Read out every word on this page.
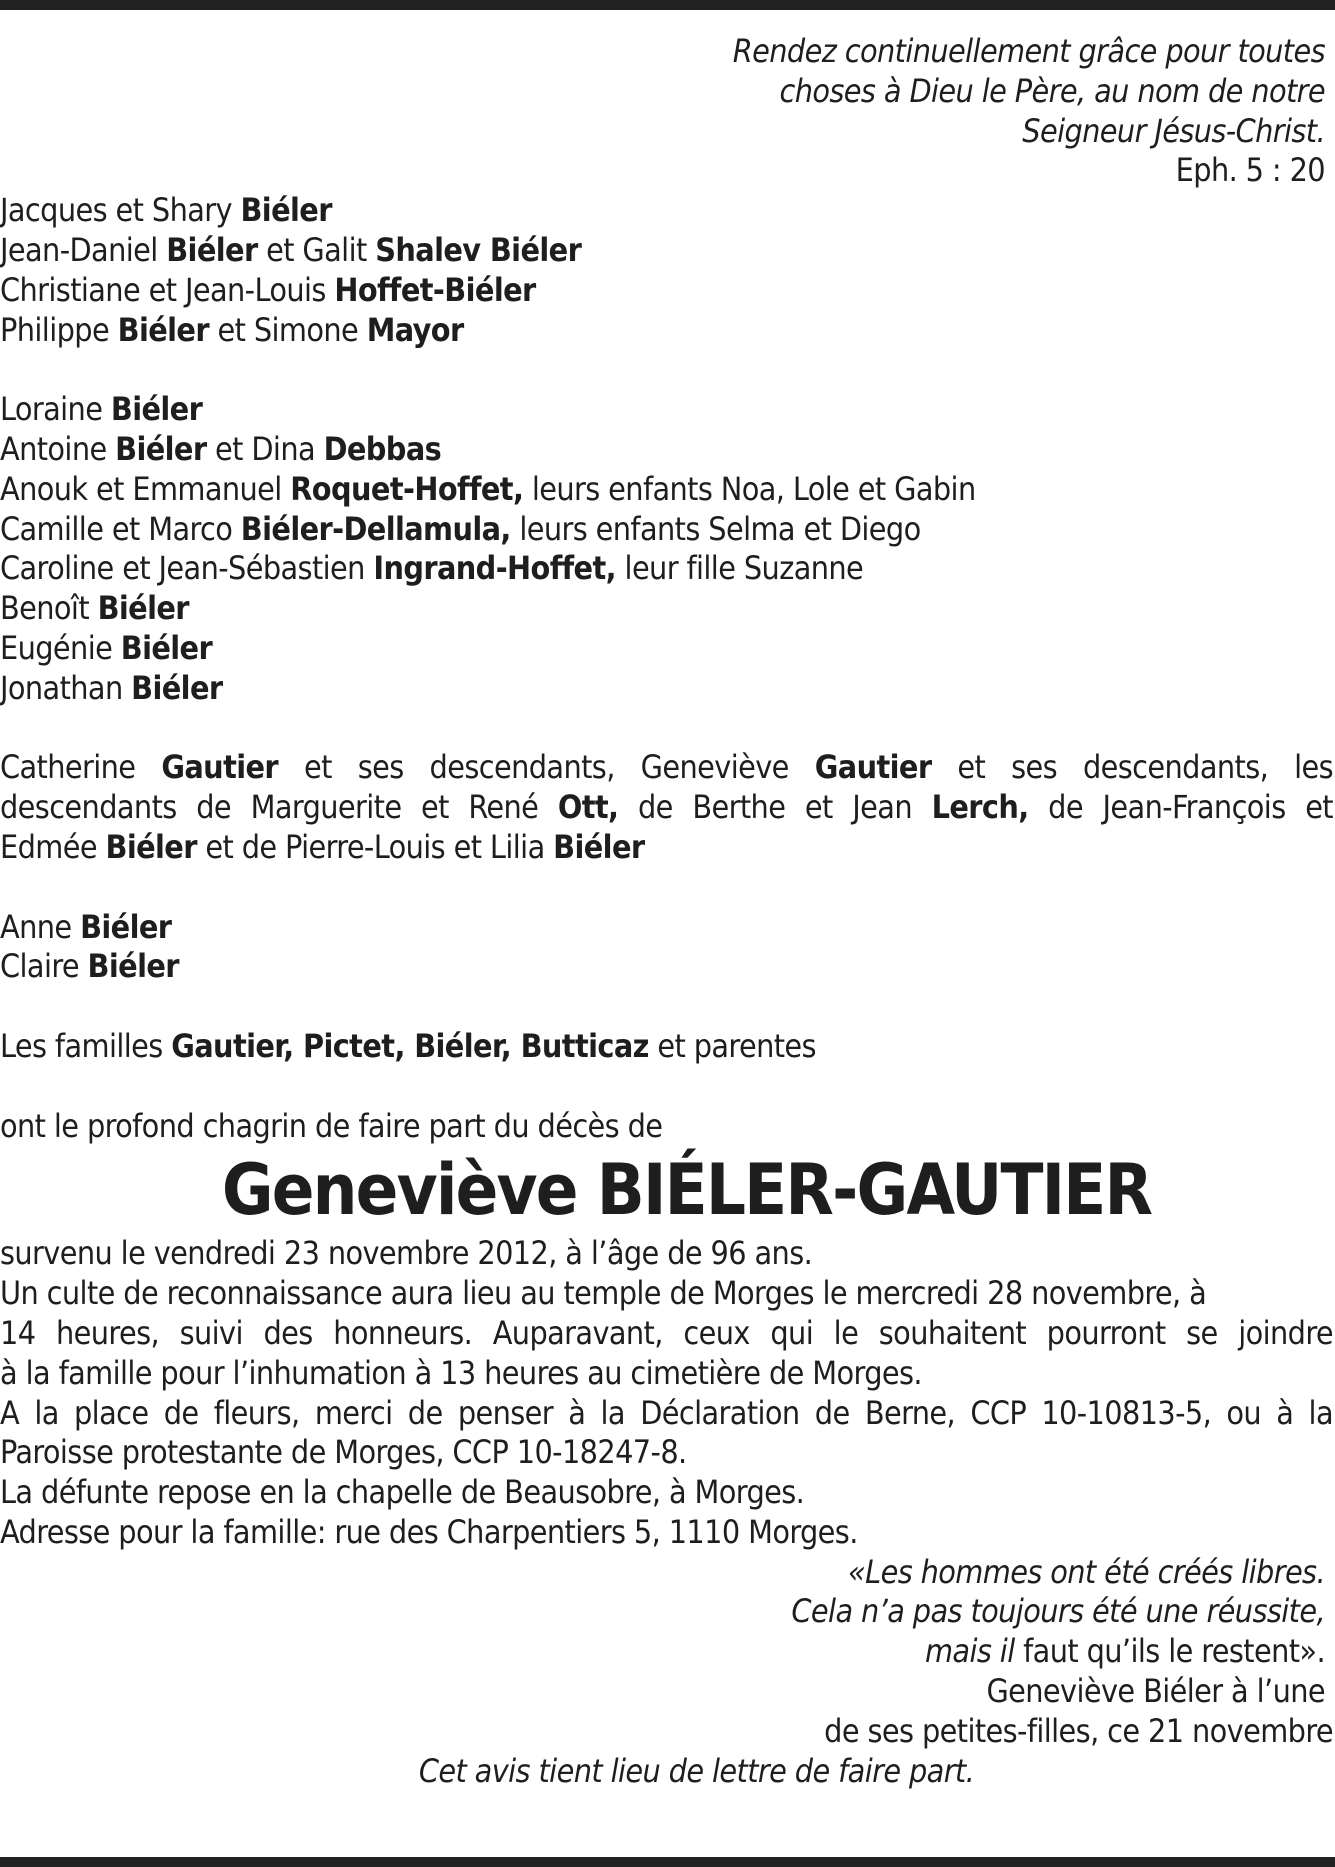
Rendez continuellement grâce pour toutes
choses à Dieu le Père, au nom de notre
Seigneur Jésus-Christ.
Eph. 5 : 20
Jacques et Shary Biéler
Jean-Daniel Biéler et Galit Shalev Biéler
Christiane et Jean-Louis Hoffet-Biéler
Philippe Biéler et Simone Mayor
Loraine Biéler
Antoine Biéler et Dina Debbas
Anouk et Emmanuel Roquet-Hoffet, leurs enfants Noa, Lole et Gabin
Camille et Marco Biéler-Dellamula, leurs enfants Selma et Diego
Caroline et Jean-Sébastien Ingrand-Hoffet, leur fille Suzanne
Benoît Biéler
Eugénie Biéler
Jonathan Biéler
Catherine Gautier et ses descendants, Geneviève Gautier et ses descendants, les
descendants de Marguerite et René Ott, de Berthe et Jean Lerch, de Jean-François et
Edmée Biéler et de Pierre-Louis et Lilia Biéler
Anne Biéler
Claire Biéler
Les familles Gautier, Pictet, Biéler, Butticaz et parentes
ont le profond chagrin de faire part du décès de
Geneviève BIÉLER-GAUTIER
survenu le vendredi 23 novembre 2012, à l’âge de 96 ans.
Un culte de reconnaissance aura lieu au temple de Morges le mercredi 28 novembre, à
14 heures, suivi des honneurs. Auparavant, ceux qui le souhaitent pourront se joindre
à la famille pour l’inhumation à 13 heures au cimetière de Morges.
A la place de fleurs, merci de penser à la Déclaration de Berne, CCP 10-10813-5, ou à la
Paroisse protestante de Morges, CCP 10-18247-8.
La défunte repose en la chapelle de Beausobre, à Morges.
Adresse pour la famille: rue des Charpentiers 5, 1110 Morges.
«Les hommes ont été créés libres.
Cela n’a pas toujours été une réussite,
mais il faut qu’ils le restent».
Geneviève Biéler à l’une
de ses petites-filles, ce 21 novembre
Cet avis tient lieu de lettre de faire part.
